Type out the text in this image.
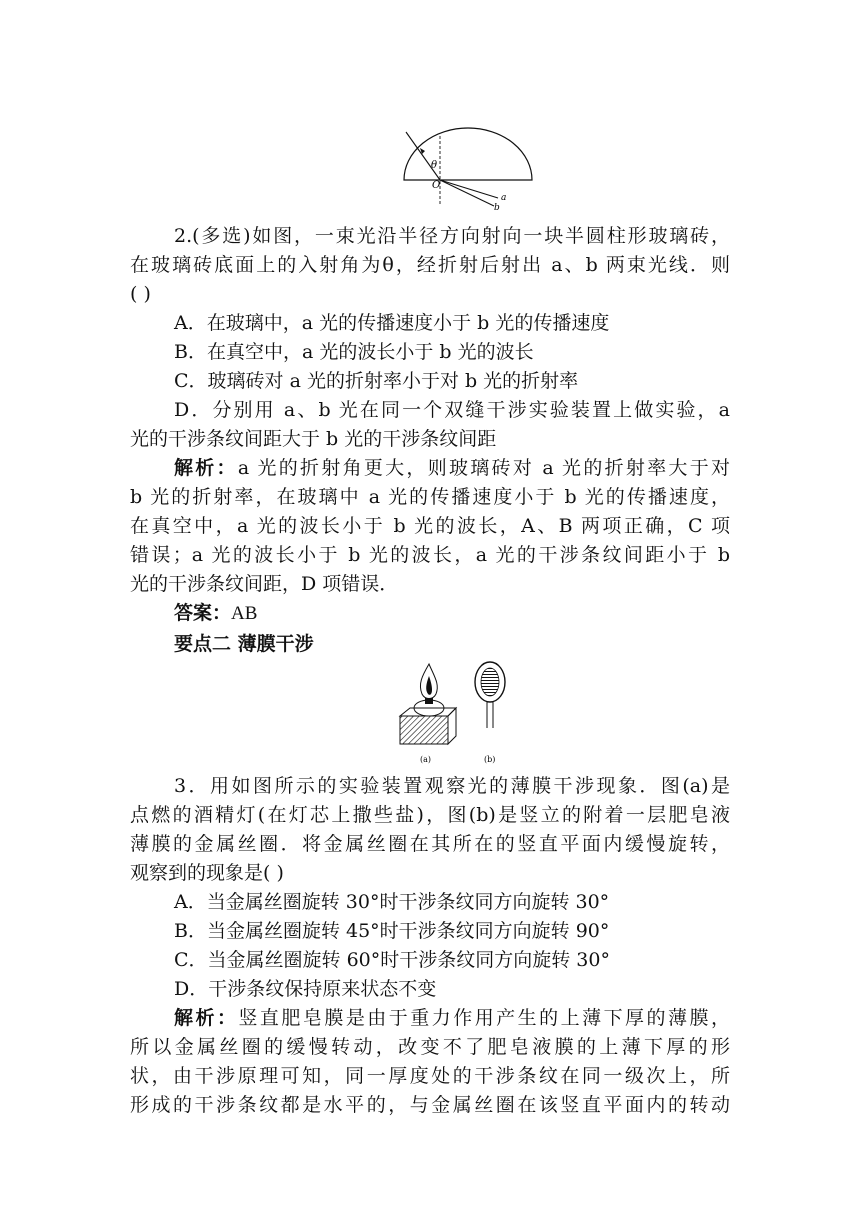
θ
O
a
b
2.(多选)如图，一束光沿半径方向射向一块半圆柱形玻璃砖，
在玻璃砖底面上的入射角为θ，经折射后射出 a、b 两束光线．则
( )
A．在玻璃中，a 光的传播速度小于 b 光的传播速度
B．在真空中，a 光的波长小于 b 光的波长
C．玻璃砖对 a 光的折射率小于对 b 光的折射率
D．分别用 a、b 光在同一个双缝干涉实验装置上做实验，a
光的干涉条纹间距大于 b 光的干涉条纹间距
解析：a 光的折射角更大，则玻璃砖对 a 光的折射率大于对
b 光的折射率，在玻璃中 a 光的传播速度小于 b 光的传播速度，
在真空中，a 光的波长小于 b 光的波长，A、B 两项正确，C 项
错误；a 光的波长小于 b 光的波长，a 光的干涉条纹间距小于 b
光的干涉条纹间距，D 项错误．
答案：AB
要点二 薄膜干涉
(a)	(b)
3．用如图所示的实验装置观察光的薄膜干涉现象．图(a)是
点燃的酒精灯(在灯芯上撒些盐)，图(b)是竖立的附着一层肥皂液
薄膜的金属丝圈．将金属丝圈在其所在的竖直平面内缓慢旋转，
观察到的现象是( )
A．当金属丝圈旋转 30°时干涉条纹同方向旋转 30°
B．当金属丝圈旋转 45°时干涉条纹同方向旋转 90°
C．当金属丝圈旋转 60°时干涉条纹同方向旋转 30°
D．干涉条纹保持原来状态不变
解析：竖直肥皂膜是由于重力作用产生的上薄下厚的薄膜，
所以金属丝圈的缓慢转动，改变不了肥皂液膜的上薄下厚的形
状，由干涉原理可知，同一厚度处的干涉条纹在同一级次上，所
形成的干涉条纹都是水平的，与金属丝圈在该竖直平面内的转动
